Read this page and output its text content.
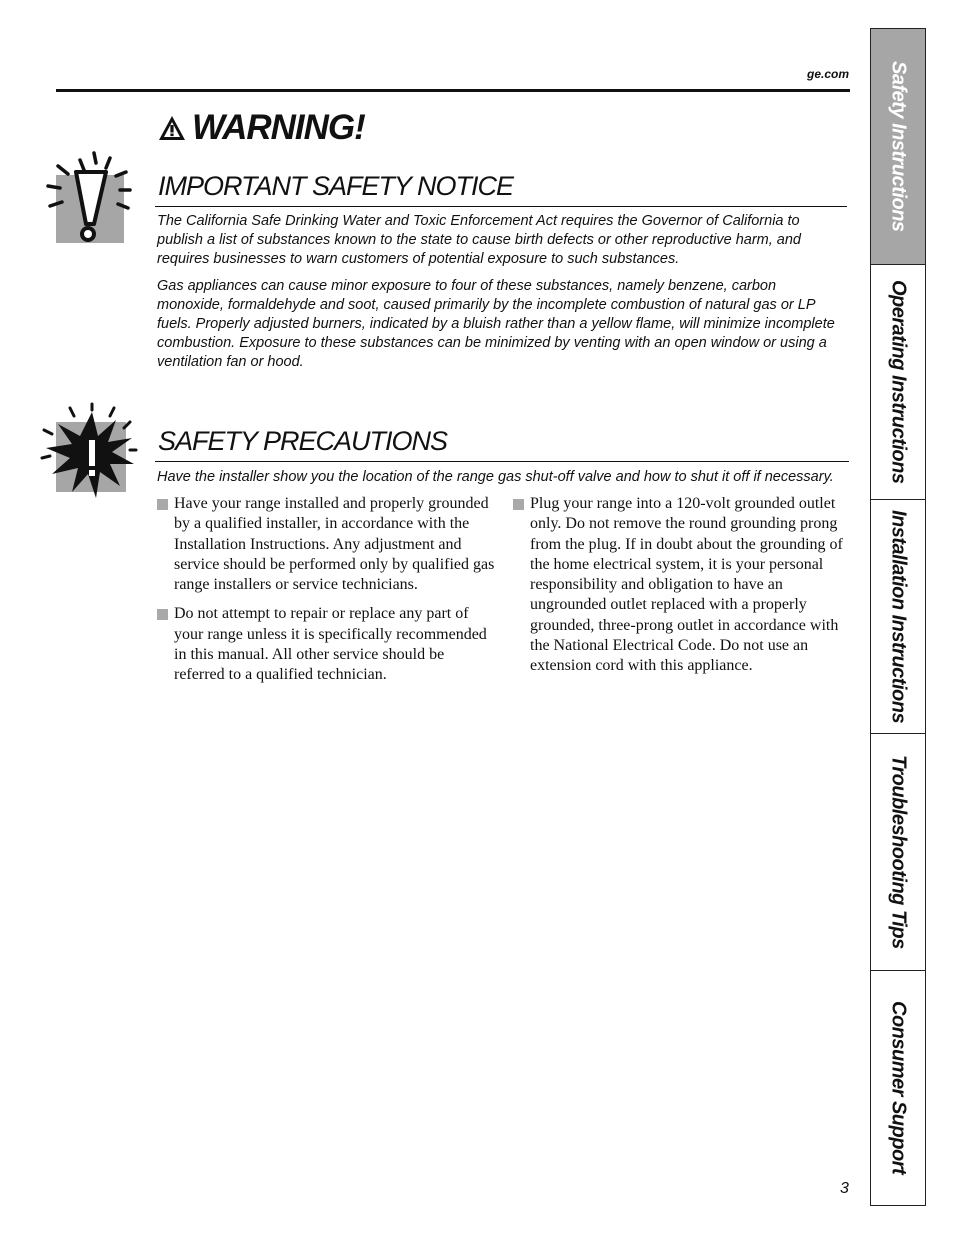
ge.com
WARNING!
IMPORTANT SAFETY NOTICE

The California Safe Drinking Water and Toxic Enforcement Act requires the Governor of California to publish a list of substances known to the state to cause birth defects or other reproductive harm, and requires businesses to warn customers of potential exposure to such substances.

Gas appliances can cause minor exposure to four of these substances, namely benzene, carbon monoxide, formaldehyde and soot, caused primarily by the incomplete combustion of natural gas or LP fuels. Properly adjusted burners, indicated by a bluish rather than a yellow flame, will minimize incomplete combustion. Exposure to these substances can be minimized by venting with an open window or using a ventilation fan or hood.

SAFETY PRECAUTIONS

Have the installer show you the location of the range gas shut-off valve and how to shut it off if necessary.

Have your range installed and properly grounded by a qualified installer, in accordance with the Installation Instructions. Any adjustment and service should be performed only by qualified gas range installers or service technicians.
Do not attempt to repair or replace any part of your range unless it is specifically recommended in this manual. All other service should be referred to a qualified technician.
Plug your range into a 120-volt grounded outlet only. Do not remove the round grounding prong from the plug. If in doubt about the grounding of the home electrical system, it is your personal responsibility and obligation to have an ungrounded outlet replaced with a properly grounded, three-prong outlet in accordance with the National Electrical Code. Do not use an extension cord with this appliance.
Safety Instructions
Operating Instructions
Installation Instructions
Troubleshooting Tips
Consumer Support
3
